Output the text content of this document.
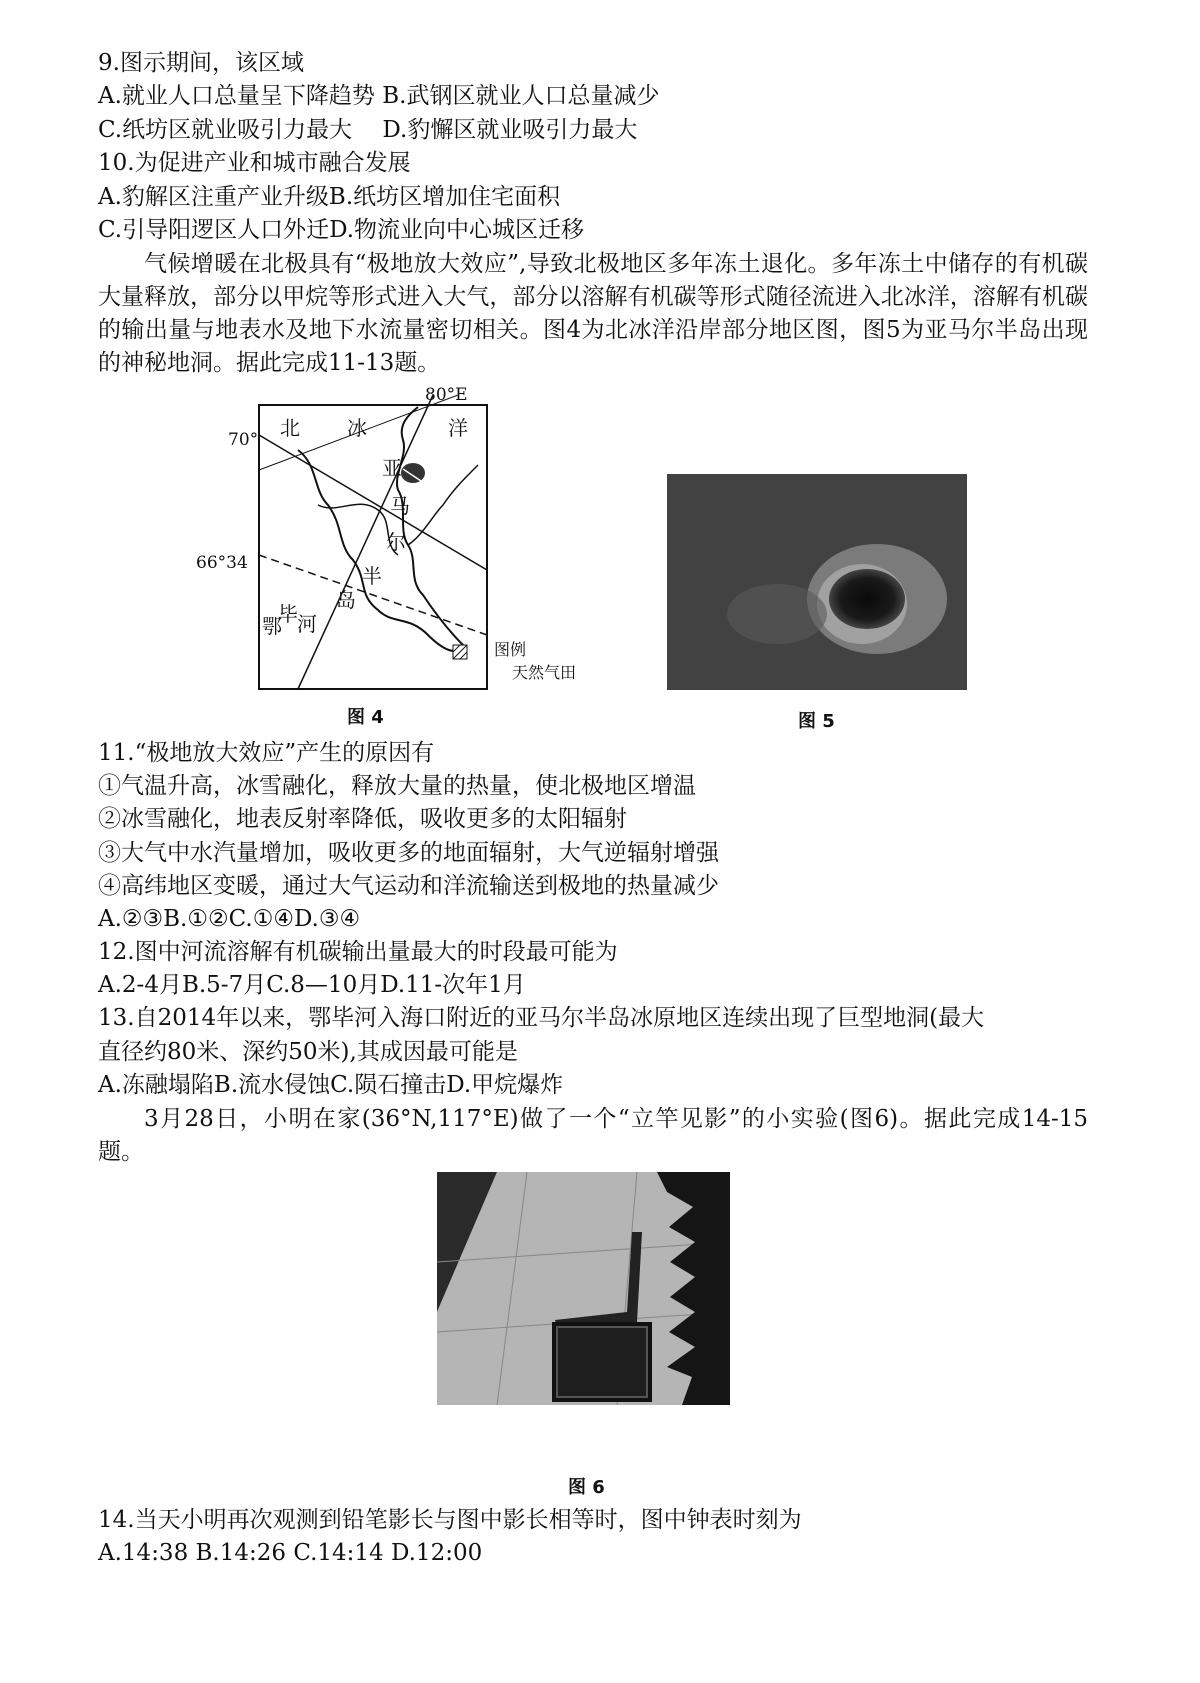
9.图示期间，该区域
A.就业人口总量呈下降趋势 B.武钢区就业人口总量减少
C.纸坊区就业吸引力最大　 D.豹懈区就业吸引力最大
10.为促进产业和城市融合发展
A.豹解区注重产业升级B.纸坊区增加住宅面积
C.引导阳逻区人口外迁D.物流业向中心城区迁移
气候增暖在北极具有“极地放大效应”,导致北极地区多年冻土退化。多年冻土中储存的有机碳大量释放，部分以甲烷等形式进入大气，部分以溶解有机碳等形式随径流进入北冰洋，溶解有机碳的输出量与地表水及地下水流量密切相关。图4为北冰洋沿岸部分地区图，图5为亚马尔半岛出现的神秘地洞。据此完成11-13题。
80°E
70°
66°34
北 冰	洋
亚
马
尔
半
岛
鄂
毕 河
图例
天然气田
图 4	图 5
11.“极地放大效应”产生的原因有
①气温升高，冰雪融化，释放大量的热量，使北极地区增温
②冰雪融化，地表反射率降低，吸收更多的太阳辐射
③大气中水汽量增加，吸收更多的地面辐射，大气逆辐射增强
④高纬地区变暖，通过大气运动和洋流输送到极地的热量减少
A.②③B.①②C.①④D.③④
12.图中河流溶解有机碳输出量最大的时段最可能为
A.2-4月B.5-7月C.8—10月D.11-次年1月
13.自2014年以来，鄂毕河入海口附近的亚马尔半岛冰原地区连续出现了巨型地洞(最大
直径约80米、深约50米),其成因最可能是
A.冻融塌陷B.流水侵蚀C.陨石撞击D.甲烷爆炸
3月28日，小明在家(36°N,117°E)做了一个“立竿见影”的小实验(图6)。据此完成14-15题。
图 6
14.当天小明再次观测到铅笔影长与图中影长相等时，图中钟表时刻为
A.14:38 B.14:26 C.14:14 D.12:00
